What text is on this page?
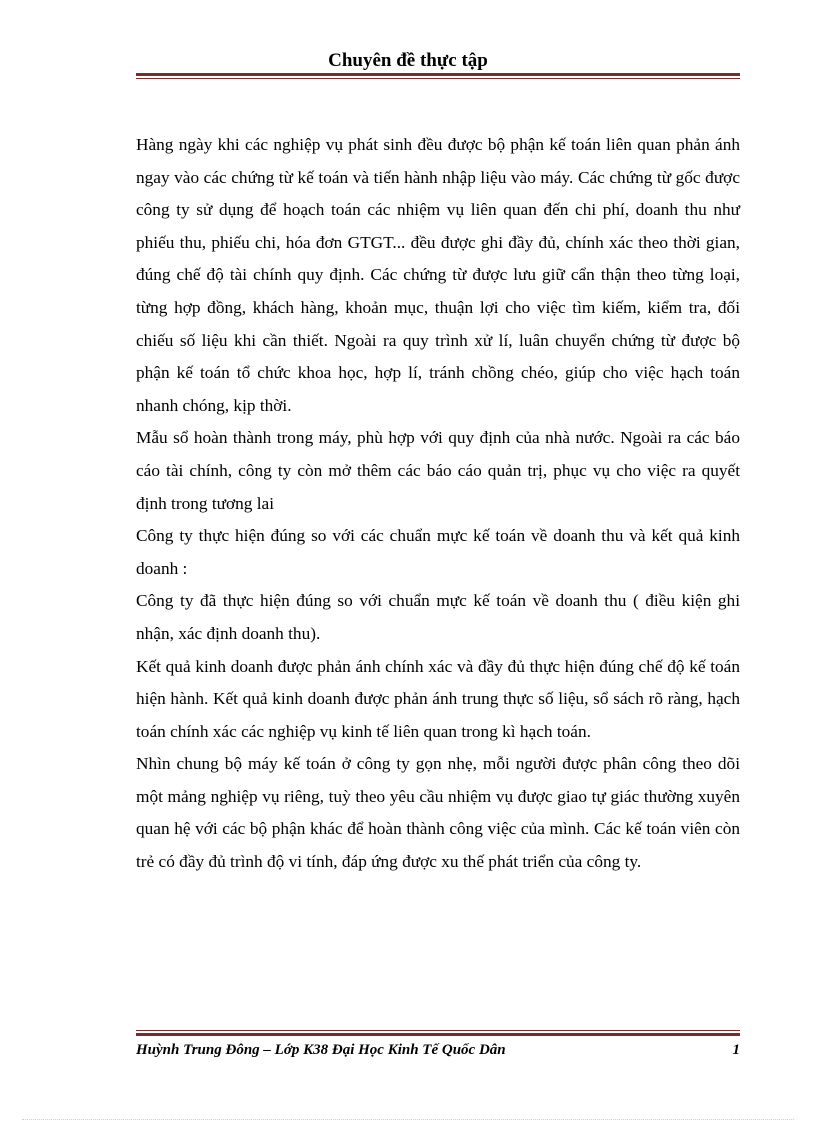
Chuyên đề thực tập

Hàng ngày khi các nghiệp vụ phát sinh đều được bộ phận kế toán liên quan phản ánh ngay vào các chứng từ kế toán và tiến hành nhập liệu vào máy. Các chứng từ gốc được công ty sử dụng để hoạch toán các nhiệm vụ liên quan đến chi phí, doanh thu như phiếu thu, phiếu chi, hóa đơn GTGT... đều được ghi đầy đủ, chính xác theo thời gian, đúng chế độ tài chính quy định. Các chứng từ được lưu giữ cẩn thận theo từng loại, từng hợp đồng, khách hàng, khoản mục, thuận lợi cho việc tìm kiếm, kiểm tra, đối chiếu số liệu khi cần thiết. Ngoài ra quy trình xử lí, luân chuyển chứng từ được bộ phận kế toán tổ chức khoa học, hợp lí, tránh chồng chéo, giúp cho việc hạch toán nhanh chóng, kịp thời.

Mẫu sổ hoàn thành trong máy, phù hợp với quy định của nhà nước. Ngoài ra các báo cáo tài chính, công ty còn mở thêm các báo cáo quản trị, phục vụ cho việc ra quyết định trong tương lai

Công ty thực hiện đúng so với các chuẩn mực kế toán về doanh thu và kết quả kinh doanh :

Công ty đã thực hiện đúng so với chuẩn mực kế toán về doanh thu ( điều kiện ghi nhận, xác định doanh thu).

Kết quả kinh doanh được phản ánh chính xác và đầy đủ thực hiện đúng chế độ kế toán hiện hành. Kết quả kinh doanh được phản ánh trung thực số liệu, sổ sách rõ ràng, hạch toán chính xác các nghiệp vụ kinh tế liên quan trong kì hạch toán.

Nhìn chung bộ máy kế toán ở công ty gọn nhẹ, mỗi người được phân công theo dõi một mảng nghiệp vụ riêng, tuỳ theo yêu cầu nhiệm vụ được giao tự giác thường xuyên quan hệ với các bộ phận khác để hoàn thành công việc của mình. Các kế toán viên còn trẻ có đầy đủ trình độ vi tính, đáp ứng được xu thế phát triển của công ty.

Huỳnh Trung Đông – Lớp K38 Đại Học Kinh Tế Quốc Dân	1
